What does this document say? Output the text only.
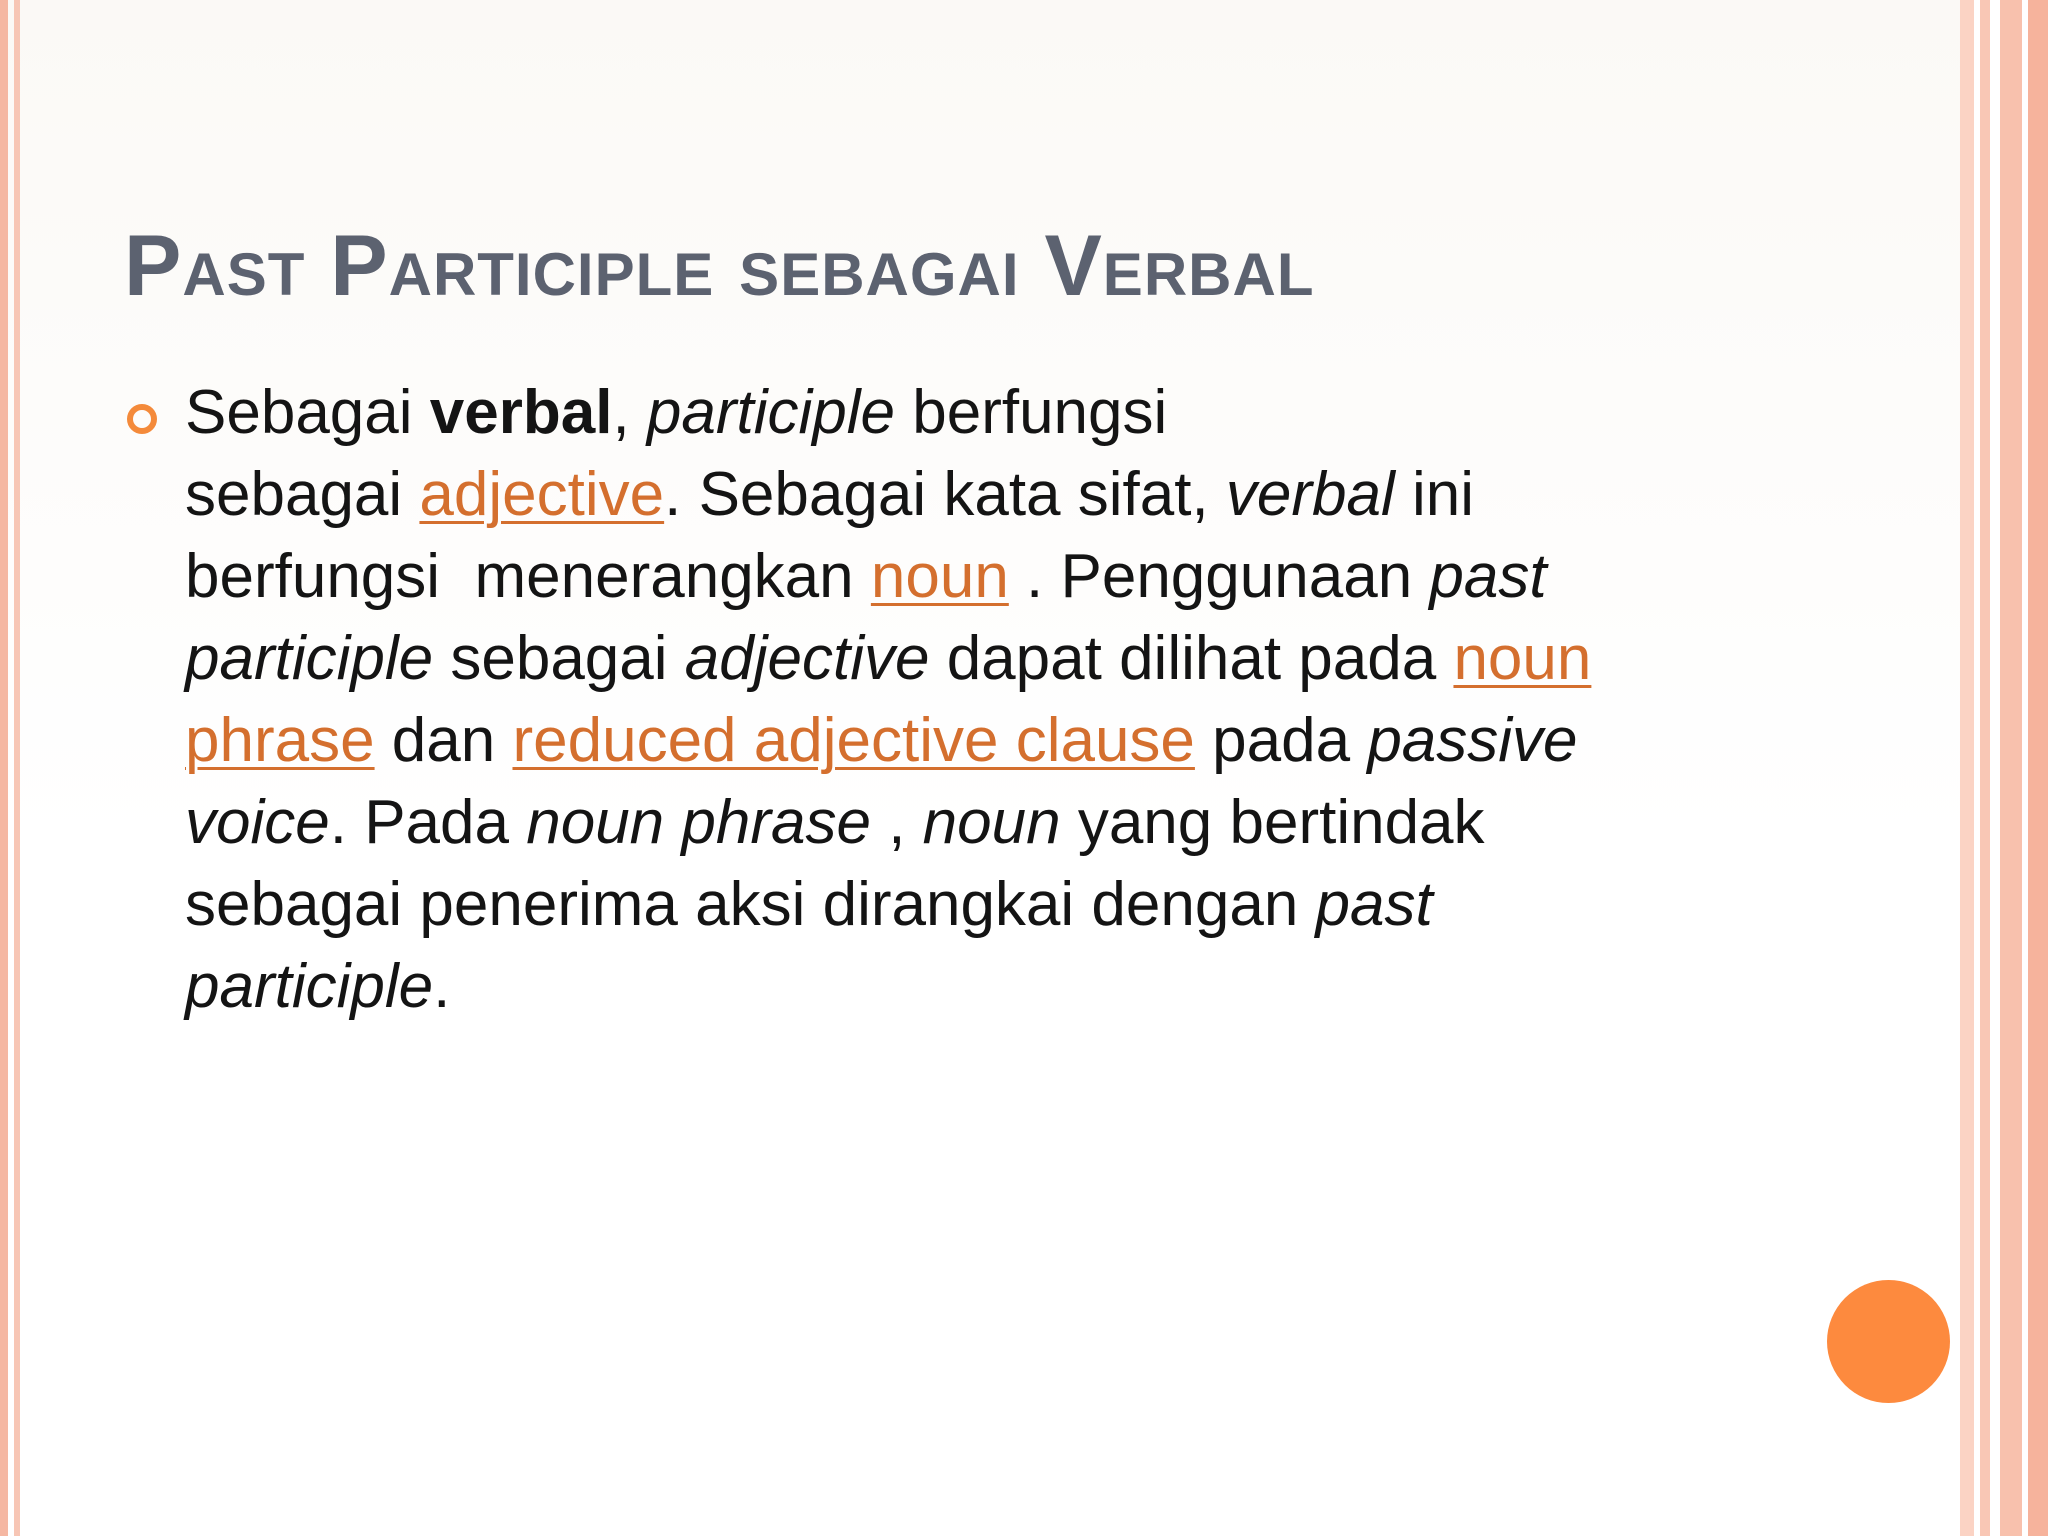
Past Participle sebagai Verbal
Sebagai verbal, participle berfungsi
sebagai adjective. Sebagai kata sifat, verbal ini
berfungsi  menerangkan noun . Penggunaan past
participle sebagai adjective dapat dilihat pada noun
phrase dan reduced adjective clause pada passive
voice. Pada noun phrase , noun yang bertindak
sebagai penerima aksi dirangkai dengan past
participle.
